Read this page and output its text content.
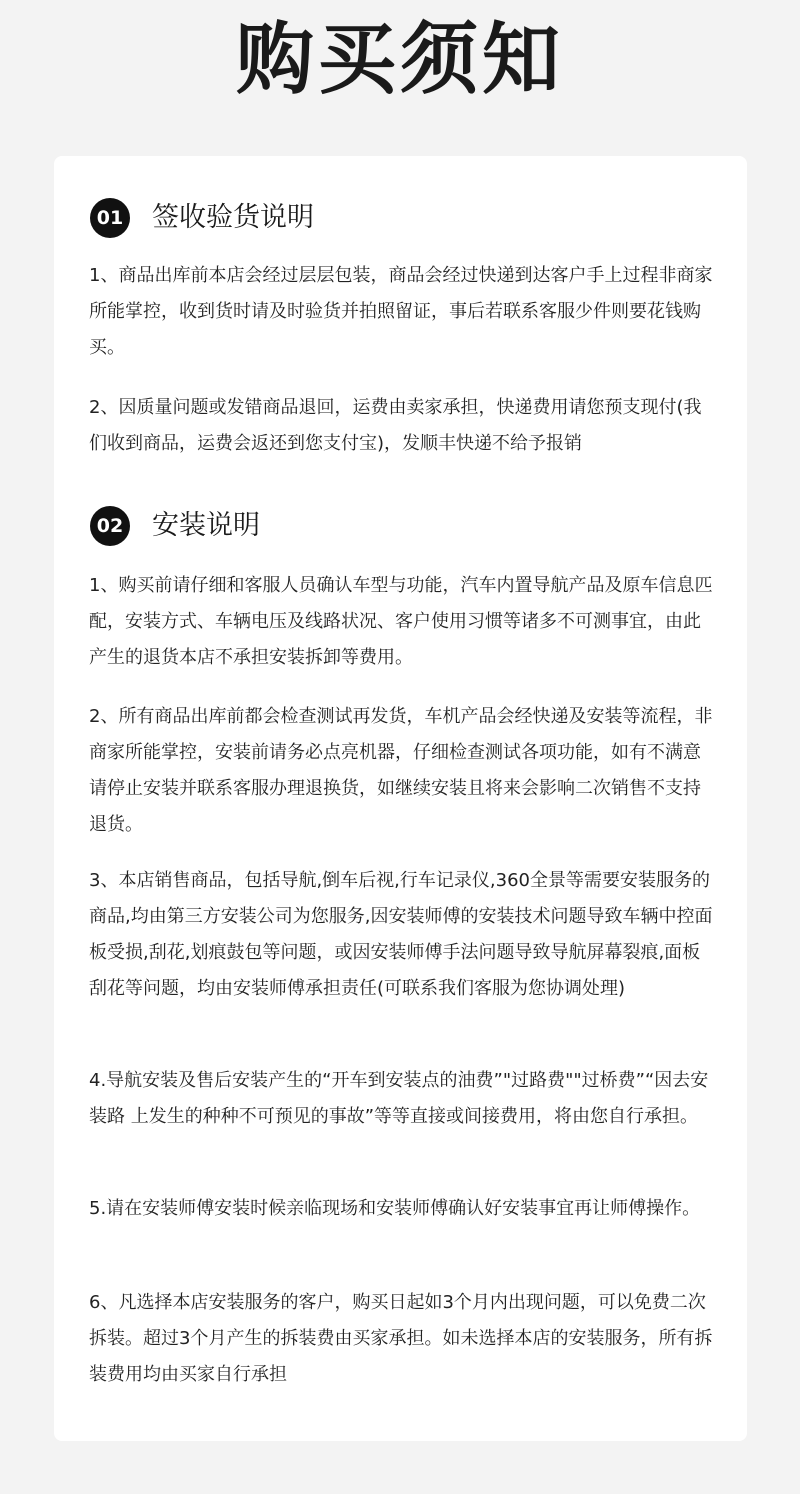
购买须知
01 签收验货说明

1、商品出库前本店会经过层层包装，商品会经过快递到达客户手上过程非商家所能掌控，收到货时请及时验货并拍照留证，事后若联系客服少件则要花钱购买。

2、因质量问题或发错商品退回，运费由卖家承担，快递费用请您预支现付(我们收到商品，运费会返还到您支付宝)，发顺丰快递不给予报销

02 安装说明

1、购买前请仔细和客服人员确认车型与功能，汽车内置导航产品及原车信息匹配，安装方式、车辆电压及线路状况、客户使用习惯等诸多不可测事宜，由此产生的退货本店不承担安装拆卸等费用。

2、所有商品出库前都会检查测试再发货，车机产品会经快递及安装等流程，非商家所能掌控，安装前请务必点亮机器，仔细检查测试各项功能，如有不满意请停止安装并联系客服办理退换货，如继续安装且将来会影响二次销售不支持退货。

3、本店销售商品，包括导航,倒车后视,行车记录仪,360全景等需要安装服务的商品,均由第三方安装公司为您服务,因安装师傅的安装技术问题导致车辆中控面板受损,刮花,划痕鼓包等问题，或因安装师傅手法问题导致导航屏幕裂痕,面板刮花等问题，均由安装师傅承担责任(可联系我们客服为您协调处理)

4.导航安装及售后安装产生的“开车到安装点的油费”"过路费""过桥费”“因去安装路 上发生的种种不可预见的事故”等等直接或间接费用，将由您自行承担。

5.请在安装师傅安装时候亲临现场和安装师傅确认好安装事宜再让师傅操作。

6、凡选择本店安装服务的客户，购买日起如3个月内出现问题，可以免费二次拆装。超过3个月产生的拆装费由买家承担。如未选择本店的安装服务，所有拆装费用均由买家自行承担
